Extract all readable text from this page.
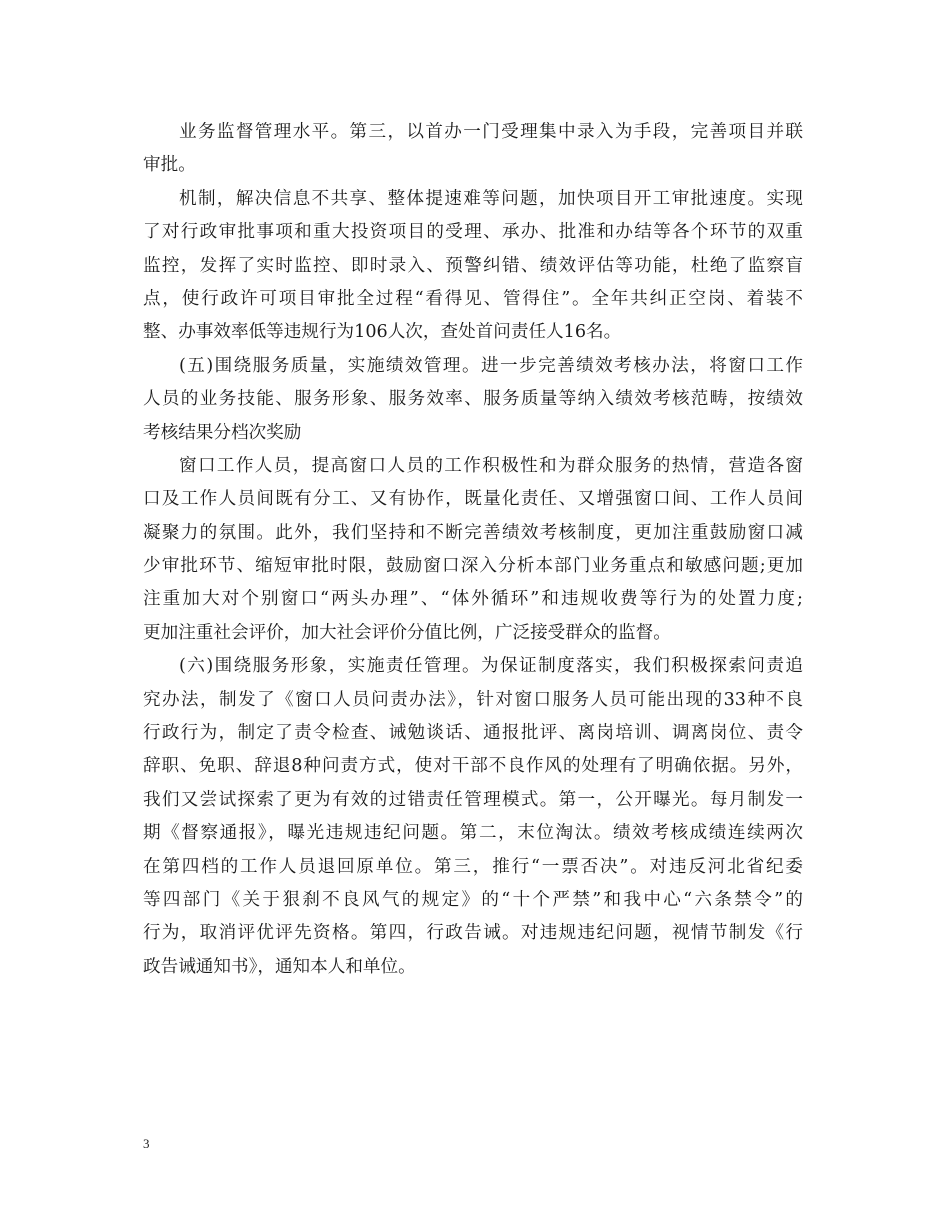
业务监督管理水平。第三，以首办一门受理集中录入为手段，完善项目并联
审批。
机制，解决信息不共享、整体提速难等问题，加快项目开工审批速度。实现
了对行政审批事项和重大投资项目的受理、承办、批准和办结等各个环节的双重
监控，发挥了实时监控、即时录入、预警纠错、绩效评估等功能，杜绝了监察盲
点，使行政许可项目审批全过程“看得见、管得住”。全年共纠正空岗、着装不
整、办事效率低等违规行为106人次，查处首问责任人16名。
(五)围绕服务质量，实施绩效管理。进一步完善绩效考核办法，将窗口工作
人员的业务技能、服务形象、服务效率、服务质量等纳入绩效考核范畴，按绩效
考核结果分档次奖励
窗口工作人员，提高窗口人员的工作积极性和为群众服务的热情，营造各窗
口及工作人员间既有分工、又有协作，既量化责任、又增强窗口间、工作人员间
凝聚力的氛围。此外，我们坚持和不断完善绩效考核制度，更加注重鼓励窗口减
少审批环节、缩短审批时限，鼓励窗口深入分析本部门业务重点和敏感问题;更加
注重加大对个别窗口“两头办理”、“体外循环”和违规收费等行为的处置力度;
更加注重社会评价，加大社会评价分值比例，广泛接受群众的监督。
(六)围绕服务形象，实施责任管理。为保证制度落实，我们积极探索问责追
究办法，制发了《窗口人员问责办法》，针对窗口服务人员可能出现的33种不良
行政行为，制定了责令检查、诫勉谈话、通报批评、离岗培训、调离岗位、责令
辞职、免职、辞退8种问责方式，使对干部不良作风的处理有了明确依据。另外，
我们又尝试探索了更为有效的过错责任管理模式。第一，公开曝光。每月制发一
期《督察通报》，曝光违规违纪问题。第二，末位淘汰。绩效考核成绩连续两次
在第四档的工作人员退回原单位。第三，推行“一票否决”。对违反河北省纪委
等四部门《关于狠刹不良风气的规定》的“十个严禁”和我中心“六条禁令”的
行为，取消评优评先资格。第四，行政告诫。对违规违纪问题，视情节制发《行
政告诫通知书》，通知本人和单位。
3
